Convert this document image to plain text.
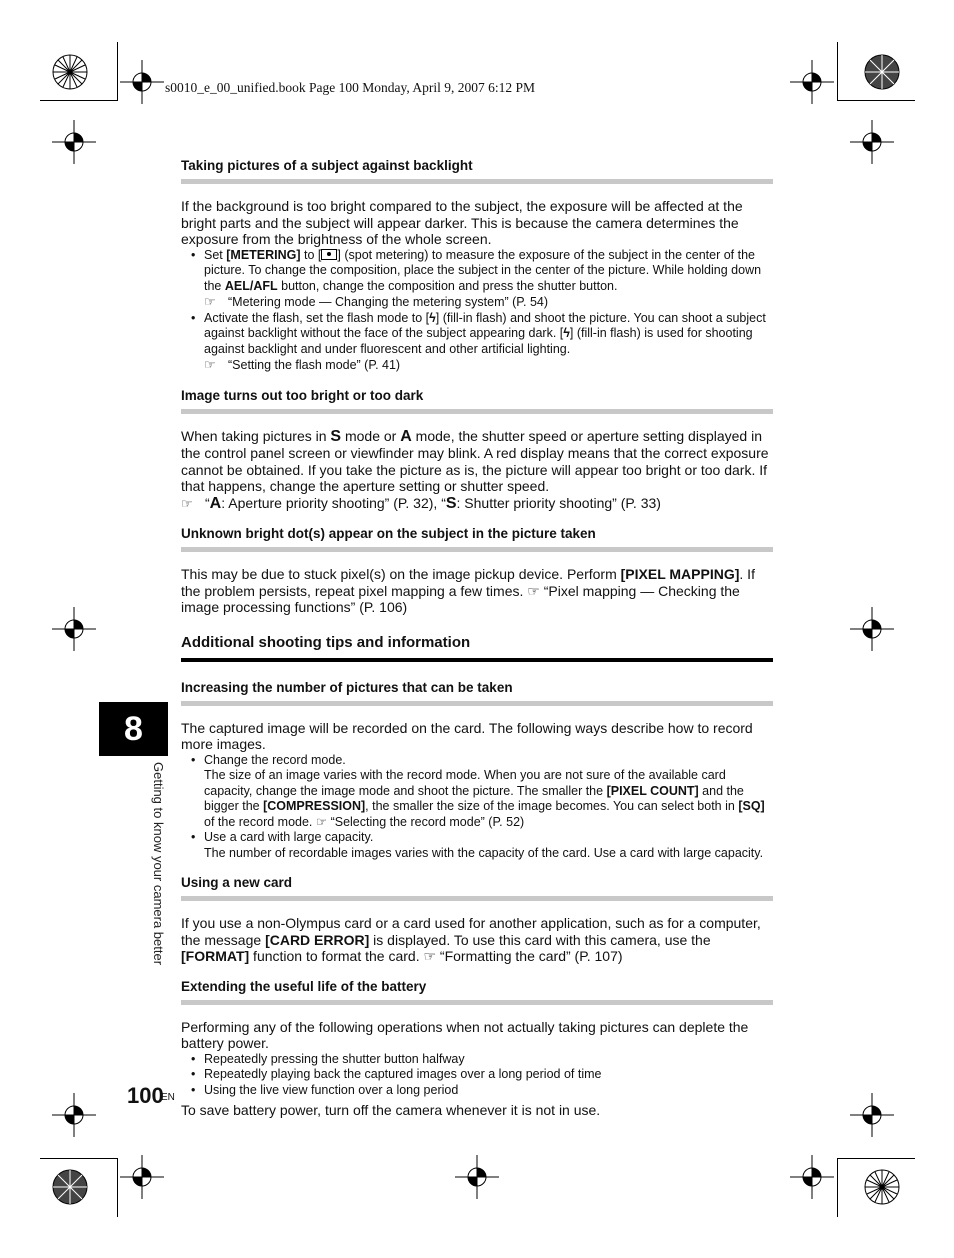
s0010_e_00_unified.book Page 100 Monday, April 9, 2007 6:12 PM
Taking pictures of a subject against backlight

If the background is too bright compared to the subject, the exposure will be affected at the bright parts and the subject will appear darker. This is because the camera determines the exposure from the brightness of the whole screen.

• Set [METERING] to [ ] (spot metering) to measure the exposure of the subject in the center of the picture. To change the composition, place the subject in the center of the picture. While holding down the AEL/AFL button, change the composition and press the shutter button.
☞ “Metering mode — Changing the metering system” (P. 54)
• Activate the flash, set the flash mode to [ϟ] (fill-in flash) and shoot the picture. You can shoot a subject against backlight without the face of the subject appearing dark. [ϟ] (fill-in flash) is used for shooting against backlight and under fluorescent and other artificial lighting.
☞ “Setting the flash mode” (P. 41)
Image turns out too bright or too dark

When taking pictures in S mode or A mode, the shutter speed or aperture setting displayed in the control panel screen or viewfinder may blink. A red display means that the correct exposure cannot be obtained. If you take the picture as is, the picture will appear too bright or too dark. If that happens, change the aperture setting or shutter speed.

☞ “A: Aperture priority shooting” (P. 32), “S: Shutter priority shooting” (P. 33)

Unknown bright dot(s) appear on the subject in the picture taken

This may be due to stuck pixel(s) on the image pickup device. Perform [PIXEL MAPPING]. If the problem persists, repeat pixel mapping a few times. ☞ “Pixel mapping — Checking the image processing functions” (P. 106)

Additional shooting tips and information
Increasing the number of pictures that can be taken

The captured image will be recorded on the card. The following ways describe how to record more images.

• Change the record mode.
The size of an image varies with the record mode. When you are not sure of the available card capacity, change the image mode and shoot the picture. The smaller the [PIXEL COUNT] and the bigger the [COMPRESSION], the smaller the size of the image becomes. You can select both in [SQ] of the record mode. ☞ “Selecting the record mode” (P. 52)
• Use a card with large capacity.
The number of recordable images varies with the capacity of the card. Use a card with large capacity.
Using a new card

If you use a non-Olympus card or a card used for another application, such as for a computer, the message [CARD ERROR] is displayed. To use this card with this camera, use the [FORMAT] function to format the card. ☞ “Formatting the card” (P. 107)

Extending the useful life of the battery

Performing any of the following operations when not actually taking pictures can deplete the battery power.

• Repeatedly pressing the shutter button halfway
• Repeatedly playing back the captured images over a long period of time
• Using the live view function over a long period

To save battery power, turn off the camera whenever it is not in use.

8
Getting to know your camera better
100
EN
